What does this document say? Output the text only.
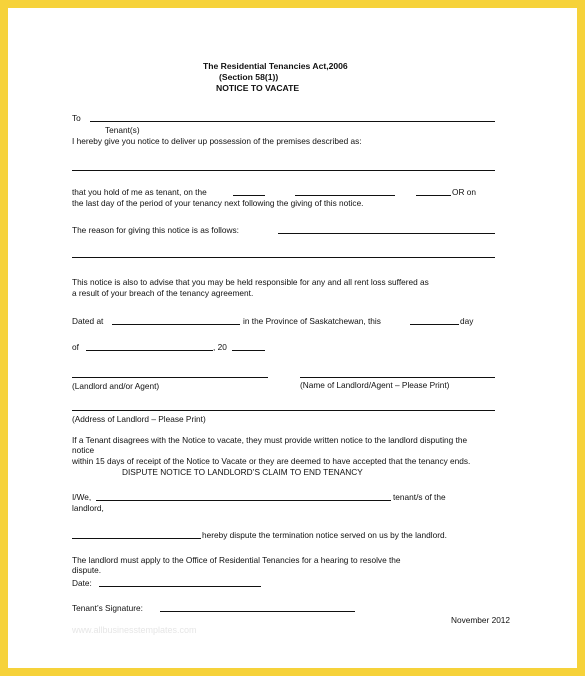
The Residential Tenancies Act,2006
(Section 58(1))
NOTICE TO VACATE
To
Tenant(s)
I hereby give you notice to deliver up possession of the premises described as:
that you hold of me as tenant, on the	OR on
the last day of the period of your tenancy next following the giving of this notice.
The reason for giving this notice is as follows:
This notice is also to advise that you may be held responsible for any and all rent loss suffered as
a result of your breach of the tenancy agreement.
Dated at	in the Province of Saskatchewan, this	day
of	, 20
(Landlord and/or Agent)	(Name of Landlord/Agent – Please Print)
(Address of Landlord – Please Print)
If a Tenant disagrees with the Notice to vacate, they must provide written notice to the landlord disputing the
notice
within 15 days of receipt of the Notice to Vacate or they are deemed to have accepted that the tenancy ends.
DISPUTE NOTICE TO LANDLORD’S CLAIM TO END TENANCY
I/We,	tenant/s of the
landlord,
hereby dispute the termination notice served on us by the landlord.
The landlord must apply to the Office of Residential Tenancies for a hearing to resolve the
dispute.
Date:
Tenant’s Signature:
November 2012
www.allbusinesstemplates.com
